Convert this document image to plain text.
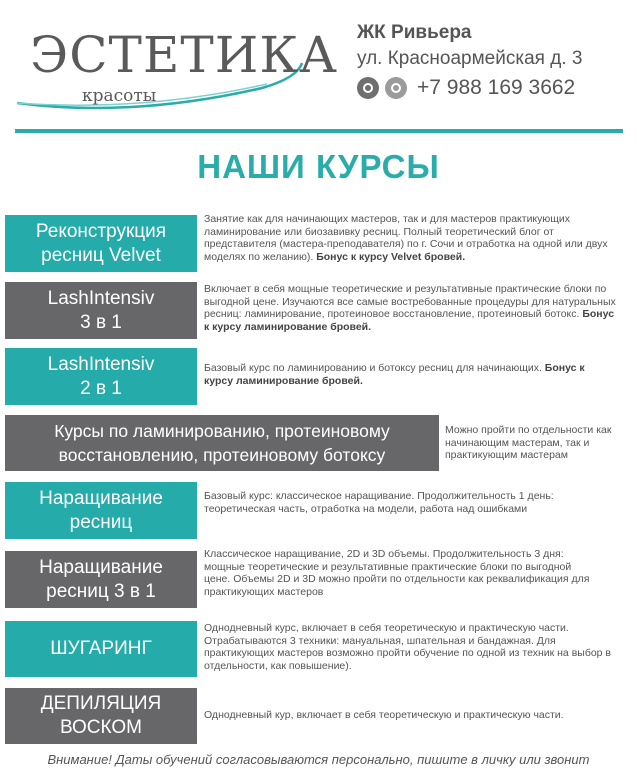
ЭСТЕТИКА
красоты
ЖК Ривьера
ул. Красноармейская д. 3
+7 988 169 3662
НАШИ КУРСЫ
Реконструкция
ресниц Velvet
Занятие как для начинающих мастеров, так и для мастеров практикующих ламинирование или биозавивку ресниц. Полный теоретический блог от представителя (мастера-преподавателя) по г. Сочи и отработка на одной или двух моделях по желанию). Бонус к курсу Velvet бровей.
LashIntensiv
3 в 1
Включает в себя мощные теоретические и результативные практические блоки по выгодной цене. Изучаются все самые востребованные процедуры для натуральных ресниц: ламинирование, протеиновое восстановление, протеиновый ботокс. Бонус к курсу ламинирование бровей.
LashIntensiv
2 в 1
Базовый курс по ламинированию и ботоксу ресниц для начинающих. Бонус к курсу ламинирование бровей.
Курсы по ламинированию, протеиновому
восстановлению, протеиновому ботоксу
Можно пройти по отдельности как начинающим мастерам, так и практикующим мастерам
Наращивание
ресниц
Базовый курс: классическое наращивание. Продолжительность 1 день: теоретическая часть, отработка на модели, работа над ошибками
Наращивание
ресниц 3 в 1
Классическое наращивание, 2D и 3D объемы. Продолжительность 3 дня: мощные теоретические и результативные практические блоки по выгодной цене. Объемы 2D и 3D можно пройти по отдельности как реквалификация для практикующих мастеров
ШУГАРИНГ
Однодневный курс, включает в себя теоретическую и практическую части. Отрабатываются 3 техники: мануальная, шпательная и бандажная. Для практикующих мастеров возможно пройти обучение по одной из техник на выбор в отдельности, как повышение).
ДЕПИЛЯЦИЯ
ВОСКОМ
Однодневный кур, включает в себя теоретическую и практическую части.
Внимание! Даты обучений согласовываются персонально, пишите в личку или звонит
